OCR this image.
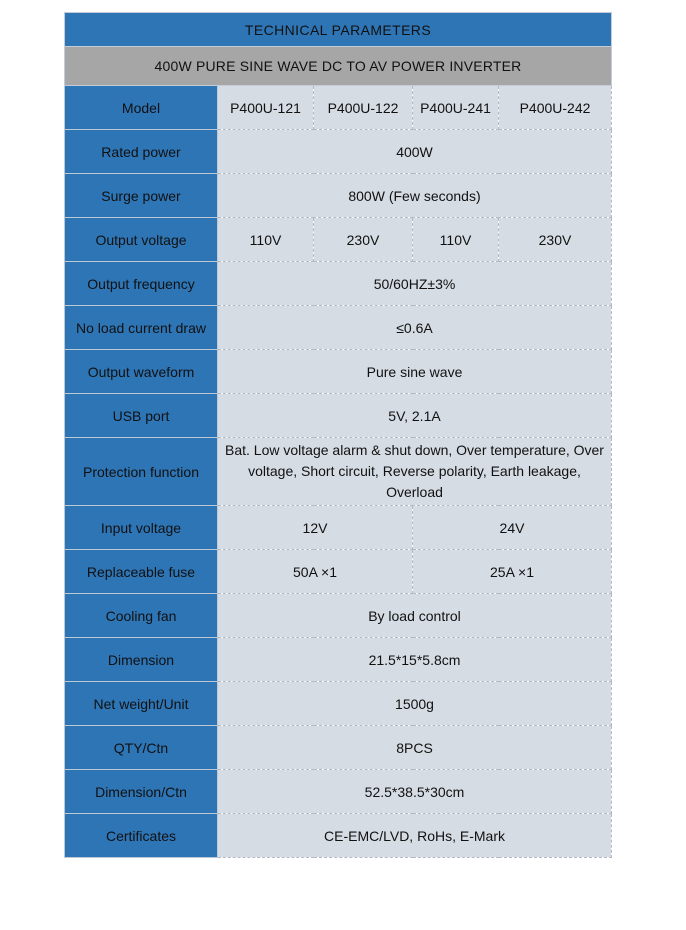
TECHNICAL PARAMETERS				
400W PURE SINE WAVE DC TO AV POWER INVERTER				
Model	P400U-121	P400U-122	P400U-241	P400U-242
Rated power	400W			
Surge power	800W (Few seconds)			
Output voltage	110V	230V	110V	230V
Output frequency	50/60HZ±3%			
No load current draw	≤0.6A			
Output waveform	Pure sine wave			
USB port	5V, 2.1A			
Protection function	Bat. Low voltage alarm & shut down, Over temperature, Over voltage, Short circuit, Reverse polarity, Earth leakage, Overload			
Input voltage	12V		24V	
Replaceable fuse	50A ×1		25A ×1	
Cooling fan	By load control			
Dimension	21.5*15*5.8cm			
Net weight/Unit	1500g			
QTY/Ctn	8PCS			
Dimension/Ctn	52.5*38.5*30cm			
Certificates	CE-EMC/LVD, RoHs, E-Mark			
